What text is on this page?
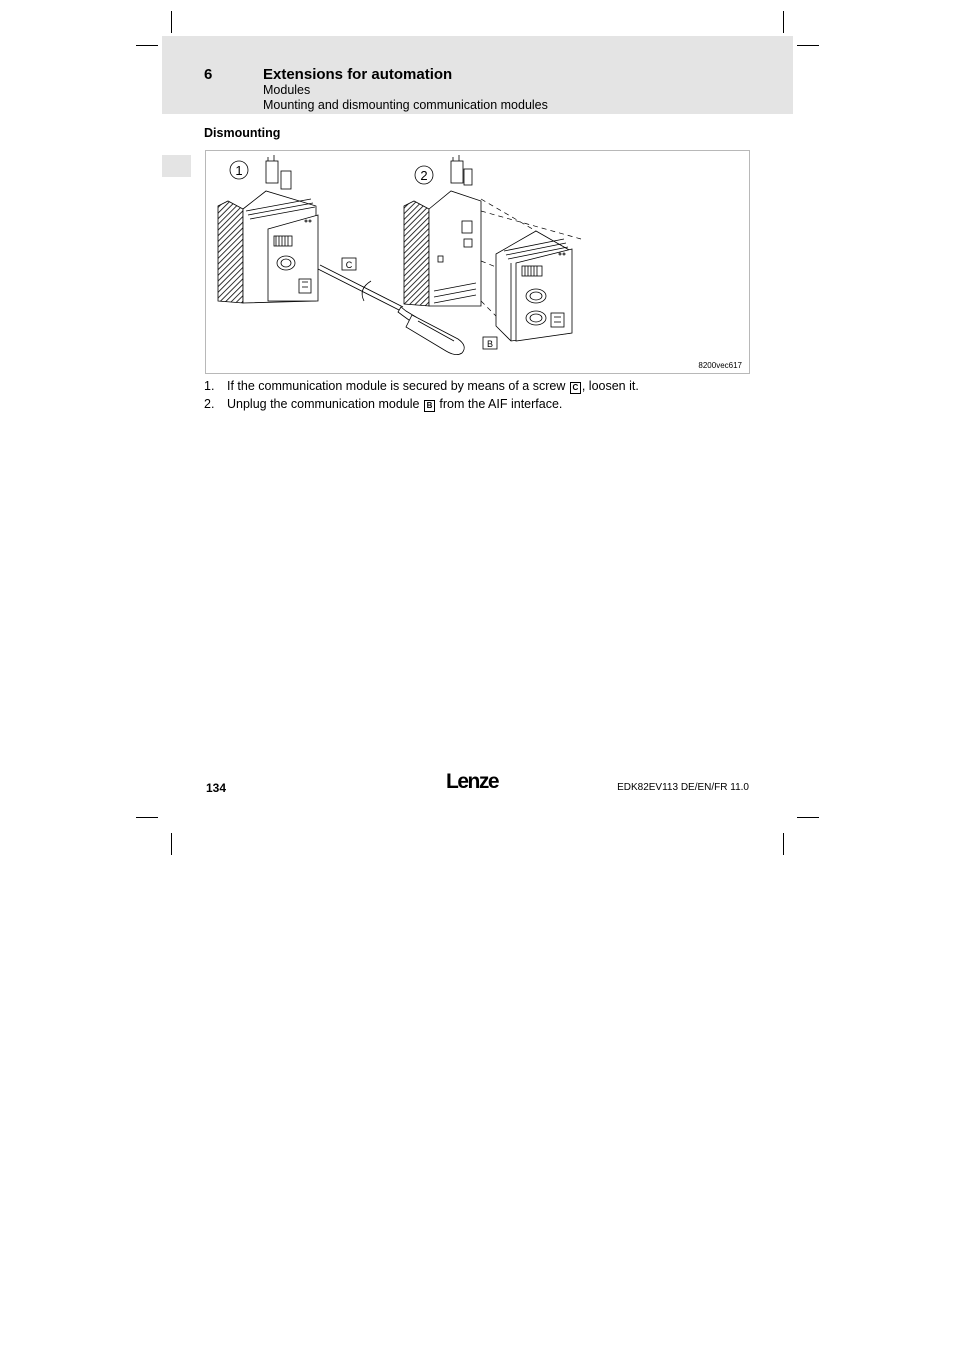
6	Extensions for automation
Modules
Mounting and dismounting communication modules
Dismounting
1
C
2
B
8200vec617
1.	If the communication module is secured by means of a screw C , loosen it.
2.	Unplug the communication module B from the AIF interface.
134	Lenze	EDK82EV113 DE/EN/FR 11.0
